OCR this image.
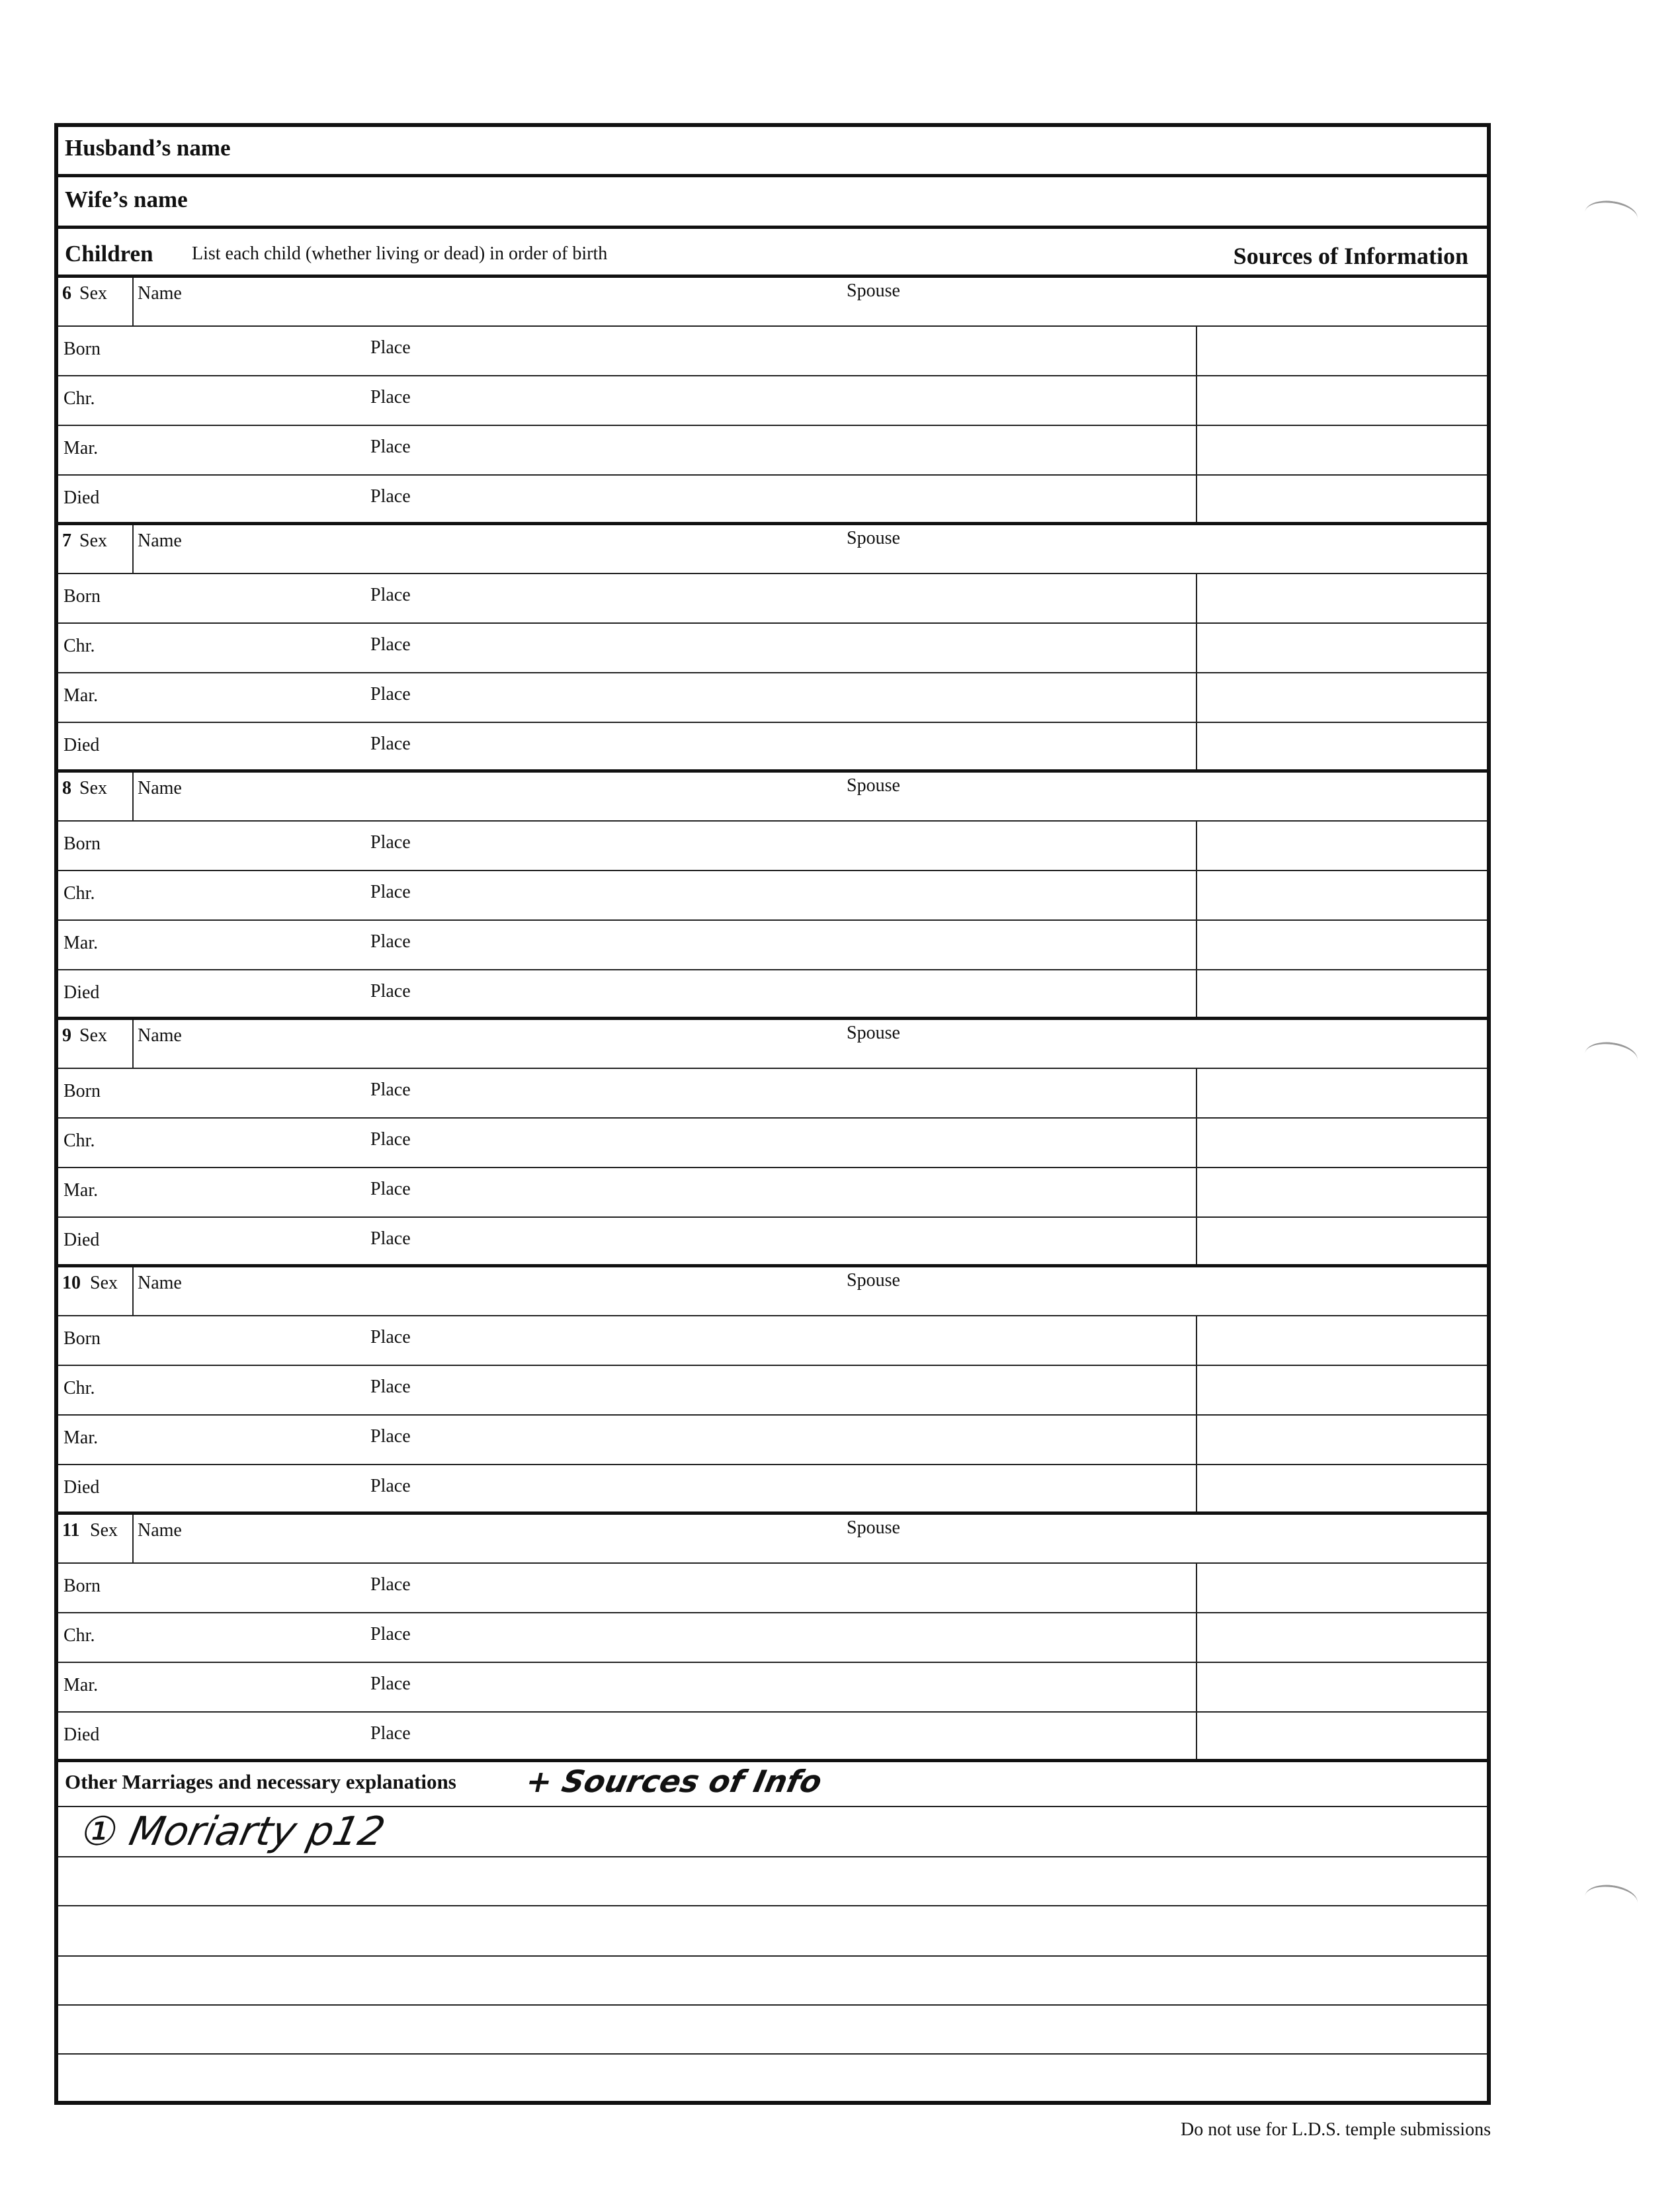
Husband’s name
Wife’s name
Children List each child (whether living or dead) in order of birth	Sources of Information
6 Sex Name	Spouse
Born	Place
Chr.	Place
Mar.	Place
Died	Place
7 Sex Name	Spouse
Born	Place
Chr.	Place
Mar.	Place
Died	Place
8 Sex Name	Spouse
Born	Place
Chr.	Place
Mar.	Place
Died	Place
9 Sex Name	Spouse
Born	Place
Chr.	Place
Mar.	Place
Died	Place
10 Sex Name	Spouse
Born	Place
Chr.	Place
Mar.	Place
Died	Place
11 Sex Name	Spouse
Born	Place
Chr.	Place
Mar.	Place
Died	Place
Other Marriages and necessary explanations + Sources of Info
① Moriarty p12
Do not use for L.D.S. temple submissions
